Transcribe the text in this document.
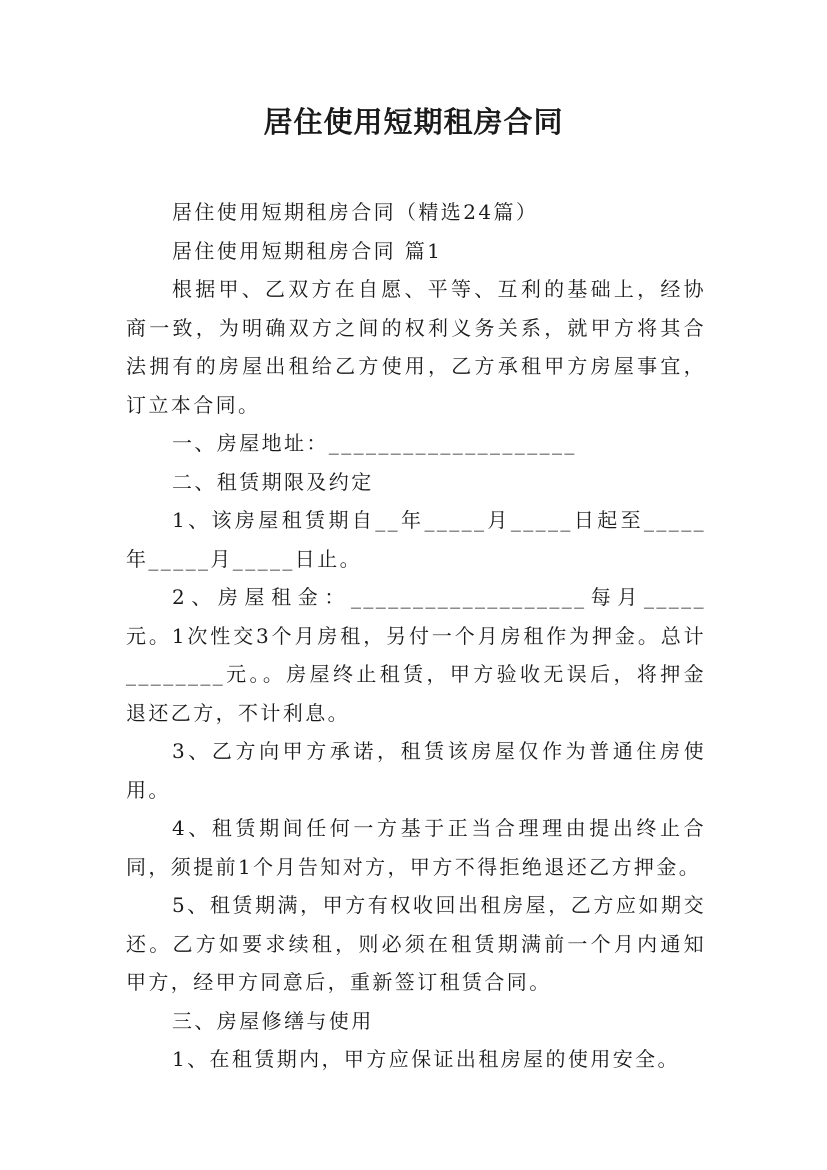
居住使用短期租房合同

居住使用短期租房合同（精选24篇）

居住使用短期租房合同 篇1

根据甲、乙双方在自愿、平等、互利的基础上，经协商一致，为明确双方之间的权利义务关系，就甲方将其合法拥有的房屋出租给乙方使用，乙方承租甲方房屋事宜，订立本合同。

一、房屋地址：____________________

二、租赁期限及约定

1、该房屋租赁期自__年_____月_____日起至_____年_____月_____日止。

2、房屋租金：___________________每月_____元。1次性交3个月房租，另付一个月房租作为押金。总计________元。。房屋终止租赁，甲方验收无误后，将押金退还乙方，不计利息。

3、乙方向甲方承诺，租赁该房屋仅作为普通住房使用。

4、租赁期间任何一方基于正当合理理由提出终止合同，须提前1个月告知对方，甲方不得拒绝退还乙方押金。

5、租赁期满，甲方有权收回出租房屋，乙方应如期交还。乙方如要求续租，则必须在租赁期满前一个月内通知甲方，经甲方同意后，重新签订租赁合同。

三、房屋修缮与使用

1、在租赁期内，甲方应保证出租房屋的使用安全。
